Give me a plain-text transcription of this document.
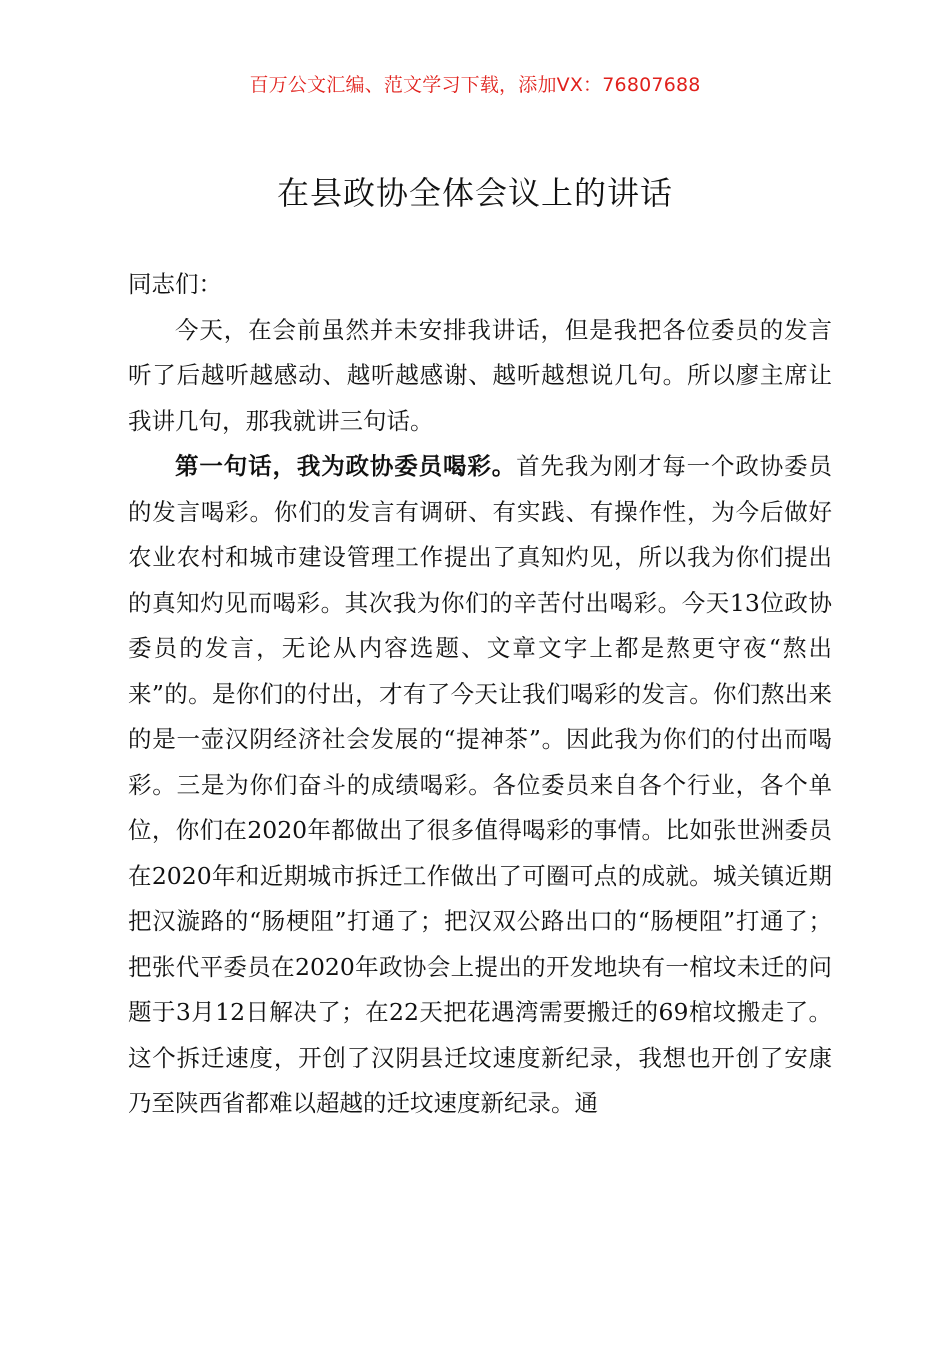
百万公文汇编、范文学习下载，添加VX：76807688
在县政协全体会议上的讲话

同志们：

今天，在会前虽然并未安排我讲话，但是我把各位委员的发言听了后越听越感动、越听越感谢、越听越想说几句。所以廖主席让我讲几句，那我就讲三句话。

第一句话，我为政协委员喝彩。首先我为刚才每一个政协委员的发言喝彩。你们的发言有调研、有实践、有操作性，为今后做好农业农村和城市建设管理工作提出了真知灼见，所以我为你们提出的真知灼见而喝彩。其次我为你们的辛苦付出喝彩。今天13位政协委员的发言，无论从内容选题、文章文字上都是熬更守夜“熬出来”的。是你们的付出，才有了今天让我们喝彩的发言。你们熬出来的是一壶汉阴经济社会发展的“提神茶”。因此我为你们的付出而喝彩。三是为你们奋斗的成绩喝彩。各位委员来自各个行业，各个单位，你们在2020年都做出了很多值得喝彩的事情。比如张世洲委员在2020年和近期城市拆迁工作做出了可圈可点的成就。城关镇近期把汉漩路的“肠梗阻”打通了；把汉双公路出口的“肠梗阻”打通了；把张代平委员在2020年政协会上提出的开发地块有一棺坟未迁的问题于3月12日解决了；在22天把花遇湾需要搬迁的69棺坟搬走了。这个拆迁速度，开创了汉阴县迁坟速度新纪录，我想也开创了安康乃至陕西省都难以超越的迁坟速度新纪录。通
